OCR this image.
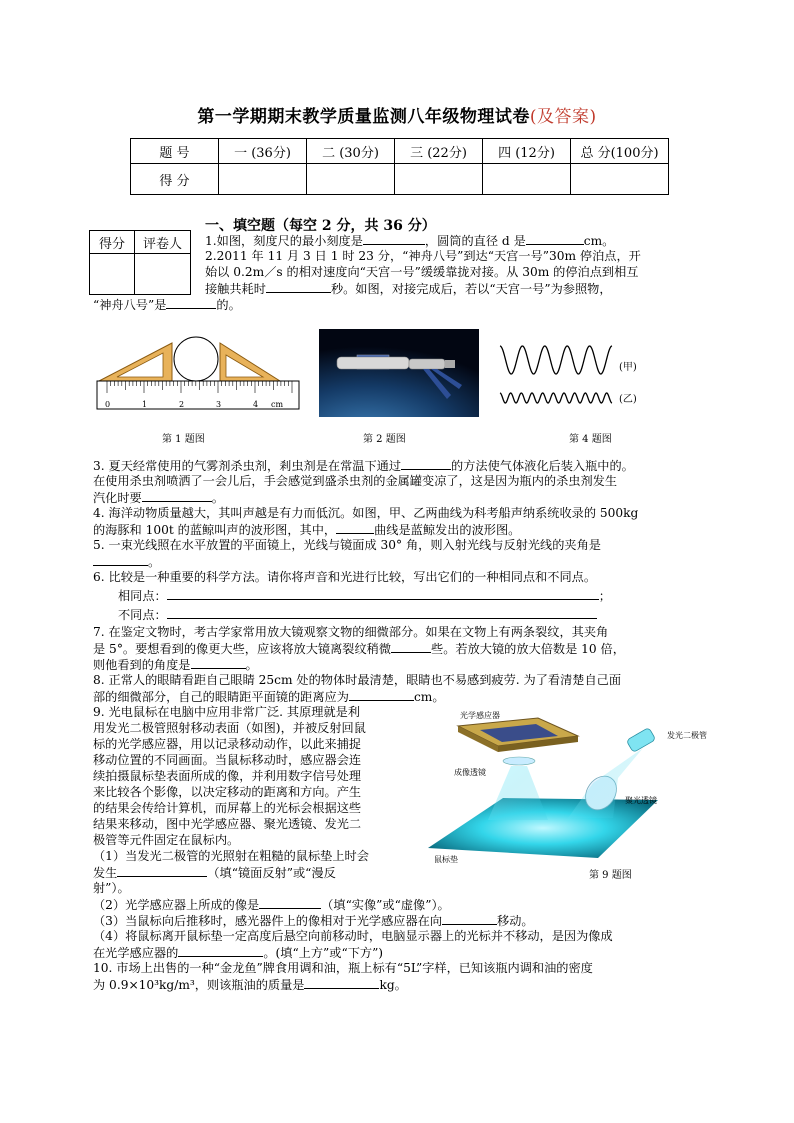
第一学期期末教学质量监测八年级物理试卷(及答案)
题 号	一 (36分)	二 (30分)	三 (22分)	四 (12分)	总 分(100分)
得 分					
一、填空题（每空 2 分，共 36 分）
得分	评卷人
	1.如图，刻度尺的最小刻度是	，圆筒的直径 d 是	cm。
2.2011 年 11 月 3 日 1 时 23 分，“神舟八号”到达“天宫一号”30m 停泊点，开
始以 0.2m／s 的相对速度向“天宫一号”缓缓靠拢对接。从 30m 的停泊点到相互
接触共耗时	秒。如图，对接完成后，若以“天宫一号”为参照物，
“神舟八号”是	的。
0	1	2	3	4 cm
第 1 题图	第 2 题图
(甲)
(乙)
第 4 题图
3. 夏天经常使用的气雾剂杀虫剂，剎虫剂是在常温下通过	的方法使气体液化后装入瓶中的。
在使用杀虫剂喷洒了一会儿后，手会感觉到盛杀虫剂的金属罐变凉了，这是因为瓶内的杀虫剂发生
汽化时要	。
4. 海洋动物质量越大，其叫声越是有力而低沉。如图，甲、乙两曲线为科考船声纳系统收录的 500kg
的海豚和 100t 的蓝鲸叫声的波形图，其中，	曲线是蓝鲸发出的波形图。
5. 一束光线照在水平放置的平面镜上，光线与镜面成 30° 角，则入射光线与反射光线的夹角是
。
6. 比较是一种重要的科学方法。请你将声音和光进行比较，写出它们的一种相同点和不同点。
相同点：	；
不同点：
7. 在鉴定文物时，考古学家常用放大镜观察文物的细微部分。如果在文物上有两条裂纹，其夹角
是 5°。要想看到的像更大些，应该将放大镜离裂纹稍微	些。若放大镜的放大倍数是 10 倍，
则他看到的角度是	。
8. 正常人的眼睛看距自己眼睛 25cm 处的物体时最清楚，眼睛也不易感到疲劳. 为了看清楚自己面
部的细微部分，自己的眼睛距平面镜的距离应为	cm。
9. 光电鼠标在电脑中应用非常广泛. 其原理就是利
用发光二极管照射移动表面（如图)，并被反射回鼠
标的光学感应器，用以记录移动动作，以此来捕捉
移动位置的不同画面。当鼠标移动时，感应器会连
续拍摄鼠标垫表面所成的像，并利用数字信号处理
来比较各个影像，以决定移动的距离和方向。产生
的结果会传给计算机，而屏幕上的光标会根据这些
结果来移动，图中光学感应器、聚光透镜、发光二
极管等元件固定在鼠标内。
（1）当发光二极管的光照射在粗糙的鼠标垫上时会
发生	（填“镜面反射”或“漫反
射”）。
（2）光学感应器上所成的像是	（填“实像”或“虚像”）。
（3）当鼠标向后推移时，感光器件上的像相对于光学感应器在向	移动。
（4）将鼠标离开鼠标垫一定高度后悬空向前移动时，电脑显示器上的光标并不移动，是因为像成
在光学感应器的	。(填“上方”或“下方”)
10. 市场上出售的一种“金龙鱼”牌食用调和油，瓶上标有“5L”字样，已知该瓶内调和油的密度
为 0.9×10³kg/m³，则该瓶油的质量是	kg。
光学感应器
成像透镜
发光二极管
聚光透镜
鼠标垫
第 9 题图
